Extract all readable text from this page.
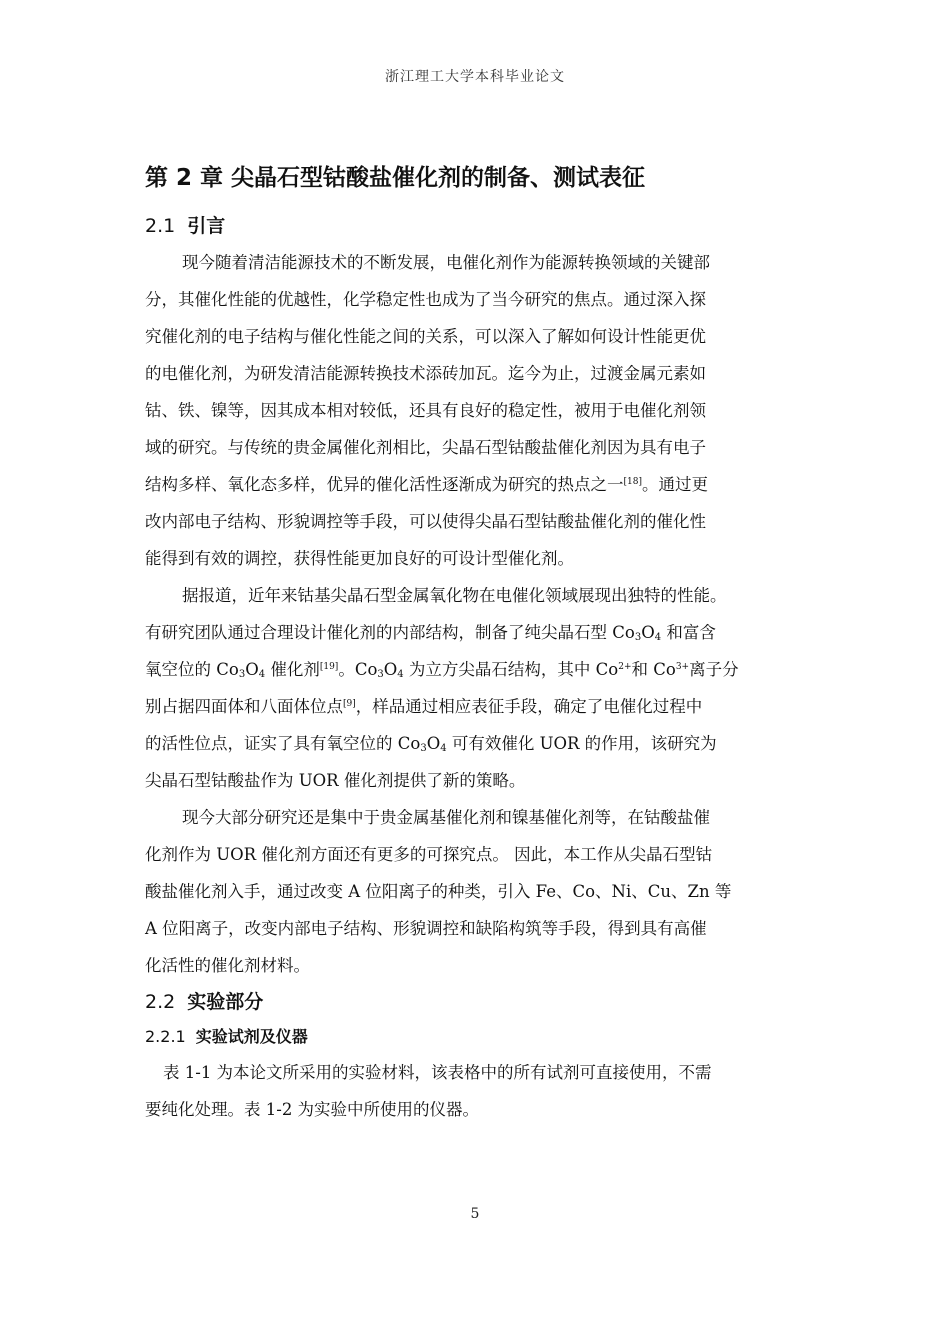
浙江理工大学本科毕业论文
第 2 章 尖晶石型钴酸盐催化剂的制备、测试表征
2.1 引言

现今随着清洁能源技术的不断发展，电催化剂作为能源转换领域的关键部
分，其催化性能的优越性，化学稳定性也成为了当今研究的焦点。通过深入探
究催化剂的电子结构与催化性能之间的关系，可以深入了解如何设计性能更优
的电催化剂，为研发清洁能源转换技术添砖加瓦。迄今为止，过渡金属元素如
钴、铁、镍等，因其成本相对较低，还具有良好的稳定性，被用于电催化剂领
域的研究。与传统的贵金属催化剂相比，尖晶石型钴酸盐催化剂因为具有电子
结构多样、氧化态多样，优异的催化活性逐渐成为研究的热点之一[18]。通过更
改内部电子结构、形貌调控等手段，可以使得尖晶石型钴酸盐催化剂的催化性
能得到有效的调控，获得性能更加良好的可设计型催化剂。

据报道，近年来钴基尖晶石型金属氧化物在电催化领域展现出独特的性能。
有研究团队通过合理设计催化剂的内部结构，制备了纯尖晶石型 $Co_3O_4$ 和富含
氧空位的 $Co_3O_4$ 催化剂[19]。$Co_3O_4$ 为立方尖晶石结构，其中 $Co^{2+}$和 $Co^{3+}$离子分
别占据四面体和八面体位点[9]，样品通过相应表征手段，确定了电催化过程中
的活性位点，证实了具有氧空位的 $Co_3O_4$ 可有效催化 UOR 的作用，该研究为
尖晶石型钴酸盐作为 UOR 催化剂提供了新的策略。

现今大部分研究还是集中于贵金属基催化剂和镍基催化剂等，在钴酸盐催
化剂作为 UOR 催化剂方面还有更多的可探究点。 因此，本工作从尖晶石型钴
酸盐催化剂入手，通过改变 A 位阳离子的种类，引入 Fe、Co、Ni、Cu、Zn 等
A 位阳离子，改变内部电子结构、形貌调控和缺陷构筑等手段，得到具有高催
化活性的催化剂材料。

2.2 实验部分
2.2.1 实验试剂及仪器

表 1-1 为本论文所采用的实验材料，该表格中的所有试剂可直接使用，不需
要纯化处理。表 1-2 为实验中所使用的仪器。

5
